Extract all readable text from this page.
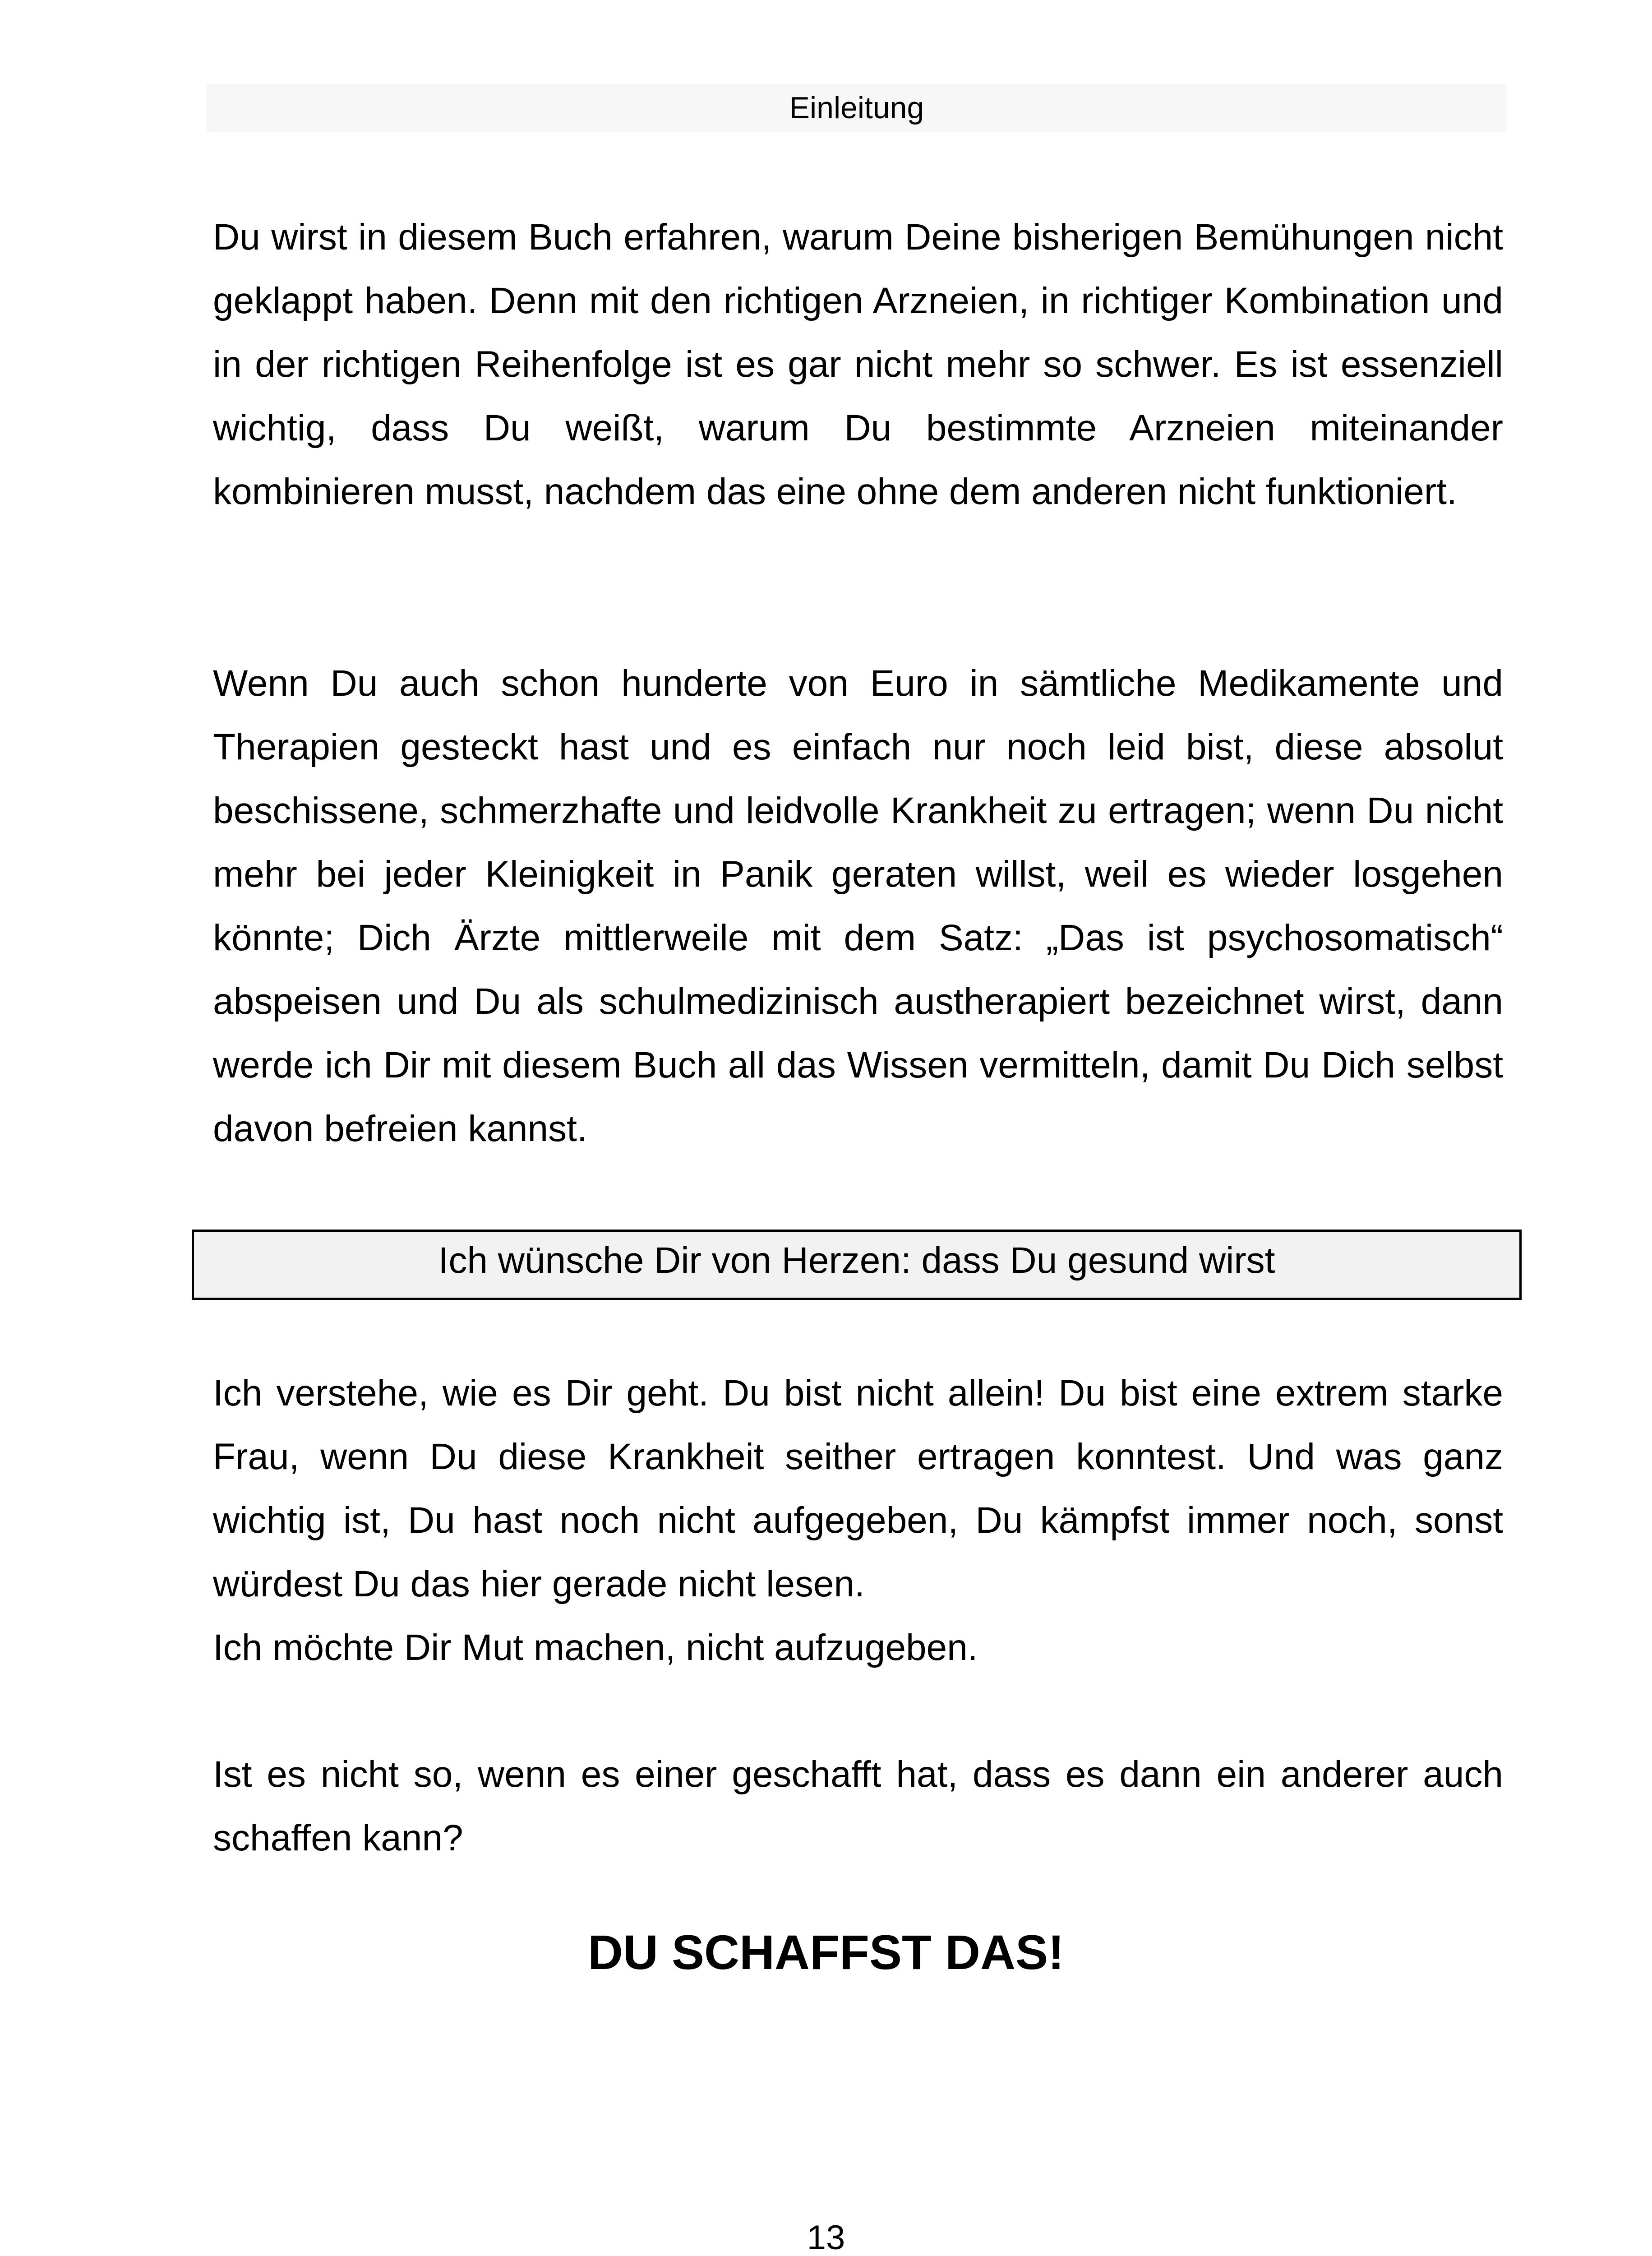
Einleitung

Du wirst in diesem Buch erfahren, warum Deine bisherigen Bemühungen nicht geklappt haben. Denn mit den richtigen Arzneien, in richtiger Kombination und in der richtigen Reihenfolge ist es gar nicht mehr so schwer. Es ist essenziell wichtig, dass Du weißt, warum Du bestimmte Arzneien miteinander kombinieren musst, nachdem das eine ohne dem anderen nicht funktioniert.

Wenn Du auch schon hunderte von Euro in sämtliche Medikamente und Therapien gesteckt hast und es einfach nur noch leid bist, diese absolut beschissene, schmerzhafte und leidvolle Krankheit zu ertragen; wenn Du nicht mehr bei jeder Kleinigkeit in Panik geraten willst, weil es wieder losgehen könnte; Dich Ärzte mittlerweile mit dem Satz: „Das ist psychosomatisch“ abspeisen und Du als schulmedizinisch austherapiert bezeichnet wirst, dann werde ich Dir mit diesem Buch all das Wissen vermitteln, damit Du Dich selbst davon befreien kannst.

Ich wünsche Dir von Herzen: dass Du gesund wirst

Ich verstehe, wie es Dir geht. Du bist nicht allein! Du bist eine extrem starke Frau, wenn Du diese Krankheit seither ertragen konntest. Und was ganz wichtig ist, Du hast noch nicht aufgegeben, Du kämpfst immer noch, sonst würdest Du das hier gerade nicht lesen.

Ich möchte Dir Mut machen, nicht aufzugeben.

Ist es nicht so, wenn es einer geschafft hat, dass es dann ein anderer auch schaffen kann?

DU SCHAFFST DAS!
13
